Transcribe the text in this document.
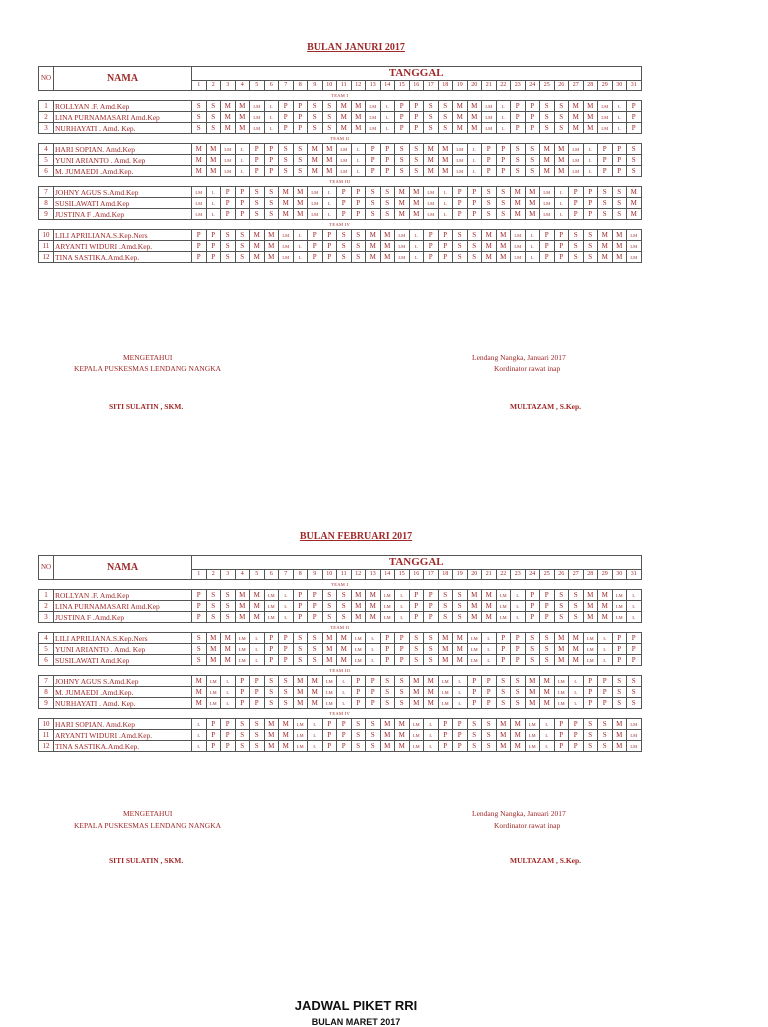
BULAN JANURI 2017
NO	NAMA	TANGGAL																														
		1	2	3	4	5	6	7	8	9	10	11	12	13	14	15	16	17	18	19	20	21	22	23	24	25	26	27	28	29	30	31
TEAM I																																
1	ROLLYAN .F. Amd.Kep	S	S	M	M	LM	L	P	P	S	S	M	M	LM	L	P	P	S	S	M	M	LM	L	P	P	S	S	M	M	LM	L	P
2	LINA PURNAMASARI Amd.Kep	S	S	M	M	LM	L	P	P	S	S	M	M	LM	L	P	P	S	S	M	M	LM	L	P	P	S	S	M	M	LM	L	P
3	NURHAYATI . Amd. Kep.	S	S	M	M	LM	L	P	P	S	S	M	M	LM	L	P	P	S	S	M	M	LM	L	P	P	S	S	M	M	LM	L	P
TEAM II																																
4	HARI SOPIAN. Amd.Kep	M	M	LM	L	P	P	S	S	M	M	LM	L	P	P	S	S	M	M	LM	L	P	P	S	S	M	M	LM	L	P	P	S
5	YUNI ARIANTO . Amd. Kep	M	M	LM	L	P	P	S	S	M	M	LM	L	P	P	S	S	M	M	LM	L	P	P	S	S	M	M	LM	L	P	P	S
6	M. JUMAEDI .Amd.Kep.	M	M	LM	L	P	P	S	S	M	M	LM	L	P	P	S	S	M	M	LM	L	P	P	S	S	M	M	LM	L	P	P	S
TEAM III																																
7	JOHNY AGUS S.Amd.Kep	LM	L	P	P	S	S	M	M	LM	L	P	P	S	S	M	M	LM	L	P	P	S	S	M	M	LM	L	P	P	S	S	M
8	SUSILAWATI Amd.Kep	LM	L	P	P	S	S	M	M	LM	L	P	P	S	S	M	M	LM	L	P	P	S	S	M	M	LM	L	P	P	S	S	M
9	JUSTINA F .Amd.Kep	LM	L	P	P	S	S	M	M	LM	L	P	P	S	S	M	M	LM	L	P	P	S	S	M	M	LM	L	P	P	S	S	M
TEAM IV																																
10	LILI APRILIANA.S.Kep.Ners	P	P	S	S	M	M	LM	L	P	P	S	S	M	M	LM	L	P	P	S	S	M	M	LM	L	P	P	S	S	M	M	LM
11	ARYANTI WIDURI .Amd.Kep.	P	P	S	S	M	M	LM	L	P	P	S	S	M	M	LM	L	P	P	S	S	M	M	LM	L	P	P	S	S	M	M	LM
12	TINA SASTIKA.Amd.Kep.	P	P	S	S	M	M	LM	L	P	P	S	S	M	M	LM	L	P	P	S	S	M	M	LM	L	P	P	S	S	M	M	LM
MENGETAHUI
KEPALA PUSKESMAS LENDANG NANGKA
Lendang Nangka, Januari 2017
Kordinator rawat inap
SITI SULATIN , SKM.	MULTAZAM , S.Kep.
BULAN FEBRUARI 2017
NO	NAMA	TANGGAL																														
		1	2	3	4	5	6	7	8	9	10	11	12	13	14	15	16	17	18	19	20	21	22	23	24	25	26	27	28	29	30	31
TEAM I																																
1	ROLLYAN .F. Amd.Kep	P	S	S	M	M	LM	L	P	P	S	S	M	M	LM	L	P	P	S	S	M	M	LM	L	P	P	S	S	M	M	LM	L
2	LINA PURNAMASARI Amd.Kep	P	S	S	M	M	LM	L	P	P	S	S	M	M	LM	L	P	P	S	S	M	M	LM	L	P	P	S	S	M	M	LM	L
3	JUSTINA F .Amd.Kep	P	S	S	M	M	LM	L	P	P	S	S	M	M	LM	L	P	P	S	S	M	M	LM	L	P	P	S	S	M	M	LM	L
TEAM II																																
4	LILI APRILIANA.S.Kep.Ners	S	M	M	LM	L	P	P	S	S	M	M	LM	L	P	P	S	S	M	M	LM	L	P	P	S	S	M	M	LM	L	P	P
5	YUNI ARIANTO . Amd. Kep	S	M	M	LM	L	P	P	S	S	M	M	LM	L	P	P	S	S	M	M	LM	L	P	P	S	S	M	M	LM	L	P	P
6	SUSILAWATI Amd.Kep	S	M	M	LM	L	P	P	S	S	M	M	LM	L	P	P	S	S	M	M	LM	L	P	P	S	S	M	M	LM	L	P	P
TEAM III																																
7	JOHNY AGUS S.Amd.Kep	M	LM	L	P	P	S	S	M	M	LM	L	P	P	S	S	M	M	LM	L	P	P	S	S	M	M	LM	L	P	P	S	S
8	M. JUMAEDI .Amd.Kep.	M	LM	L	P	P	S	S	M	M	LM	L	P	P	S	S	M	M	LM	L	P	P	S	S	M	M	LM	L	P	P	S	S
9	NURHAYATI . Amd. Kep.	M	LM	L	P	P	S	S	M	M	LM	L	P	P	S	S	M	M	LM	L	P	P	S	S	M	M	LM	L	P	P	S	S
TEAM IV																																
10	HARI SOPIAN. Amd.Kep	L	P	P	S	S	M	M	LM	L	P	P	S	S	M	M	LM	L	P	P	S	S	M	M	LM	L	P	P	S	S	M	LM
11	ARYANTI WIDURI .Amd.Kep.	L	P	P	S	S	M	M	LM	L	P	P	S	S	M	M	LM	L	P	P	S	S	M	M	LM	L	P	P	S	S	M	LM
12	TINA SASTIKA.Amd.Kep.	L	P	P	S	S	M	M	LM	L	P	P	S	S	M	M	LM	L	P	P	S	S	M	M	LM	L	P	P	S	S	M	LM
MENGETAHUI
KEPALA PUSKESMAS LENDANG NANGKA
Lendang Nangka, Januari 2017
Kordinator rawat inap
SITI SULATIN , SKM.	MULTAZAM , S.Kep.
JADWAL PIKET RRI
BULAN MARET 2017
